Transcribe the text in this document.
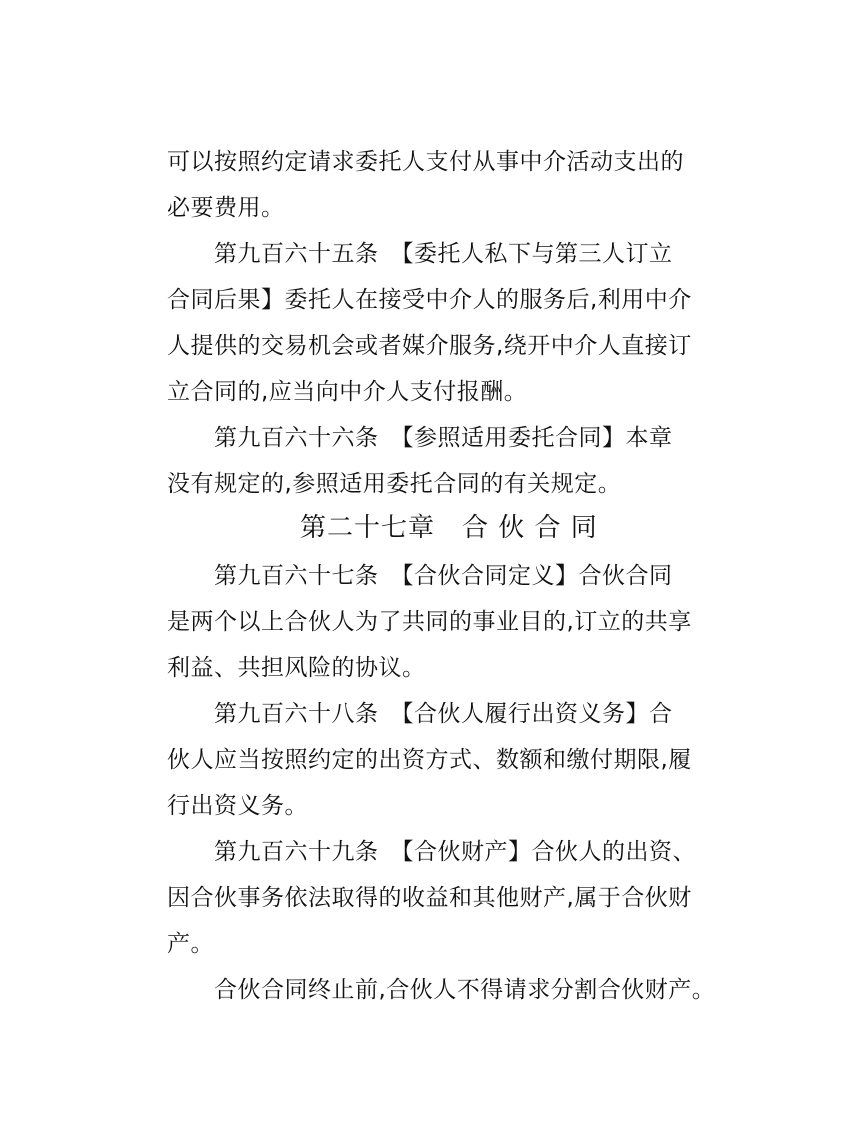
可以按照约定请求委托人支付从事中介活动支出的
必要费用。
第九百六十五条　【委托人私下与第三人订立
合同后果】委托人在接受中介人的服务后,利用中介
人提供的交易机会或者媒介服务,绕开中介人直接订
立合同的,应当向中介人支付报酬。
第九百六十六条　【参照适用委托合同】本章
没有规定的,参照适用委托合同的有关规定。
第二十七章　合 伙 合 同
第九百六十七条　【合伙合同定义】合伙合同
是两个以上合伙人为了共同的事业目的,订立的共享
利益、共担风险的协议。
第九百六十八条　【合伙人履行出资义务】合
伙人应当按照约定的出资方式、数额和缴付期限,履
行出资义务。
第九百六十九条　【合伙财产】合伙人的出资、
因合伙事务依法取得的收益和其他财产,属于合伙财
产。
合伙合同终止前,合伙人不得请求分割合伙财产。
